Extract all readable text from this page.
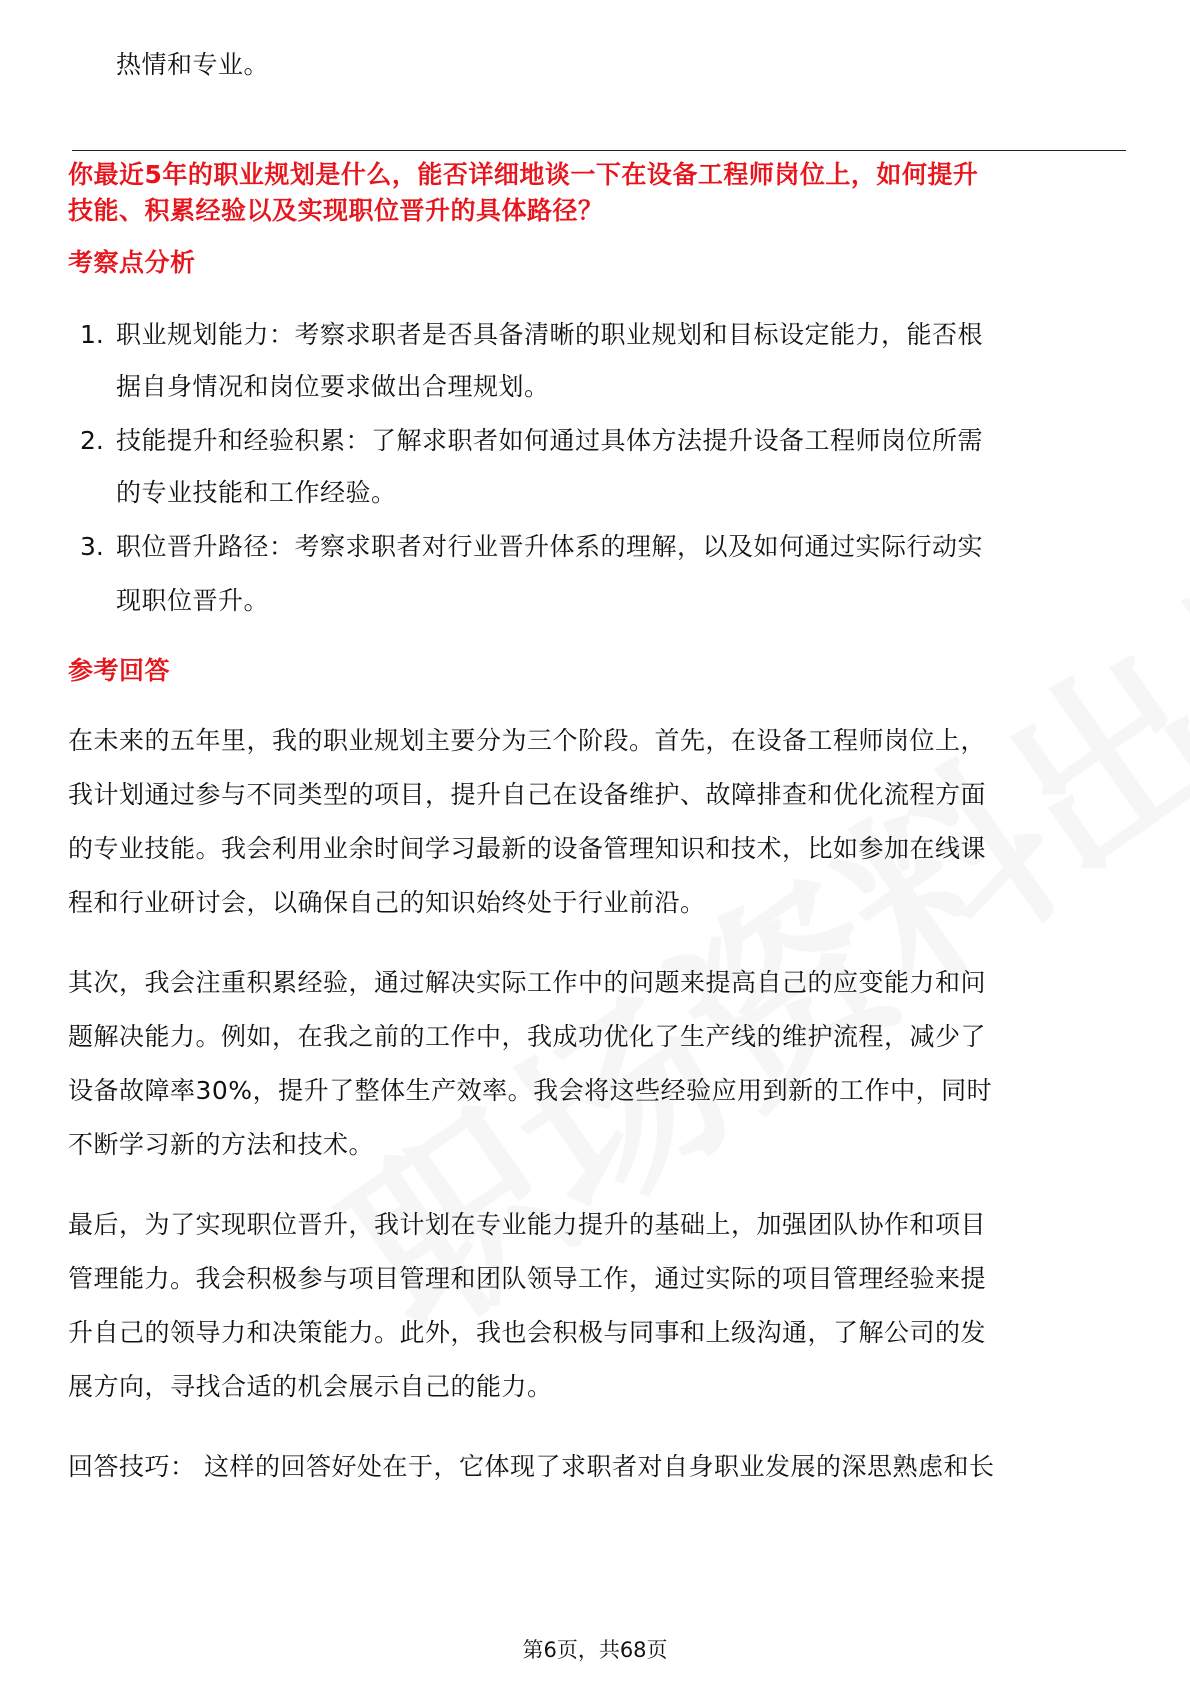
热情和专业。
你最近5年的职业规划是什么，能否详细地谈一下在设备工程师岗位上，如何提升
技能、积累经验以及实现职位晋升的具体路径？
考察点分析
1. 职业规划能力：考察求职者是否具备清晰的职业规划和目标设定能力，能否根
据自身情况和岗位要求做出合理规划。
2. 技能提升和经验积累：了解求职者如何通过具体方法提升设备工程师岗位所需
的专业技能和工作经验。
3. 职位晋升路径：考察求职者对行业晋升体系的理解，以及如何通过实际行动实
现职位晋升。
参考回答
在未来的五年里，我的职业规划主要分为三个阶段。首先，在设备工程师岗位上，
我计划通过参与不同类型的项目，提升自己在设备维护、故障排查和优化流程方面
的专业技能。我会利用业余时间学习最新的设备管理知识和技术，比如参加在线课
程和行业研讨会，以确保自己的知识始终处于行业前沿。
其次，我会注重积累经验，通过解决实际工作中的问题来提高自己的应变能力和问
题解决能力。例如，在我之前的工作中，我成功优化了生产线的维护流程，减少了
设备故障率30%，提升了整体生产效率。我会将这些经验应用到新的工作中，同时
不断学习新的方法和技术。
最后，为了实现职位晋升，我计划在专业能力提升的基础上，加强团队协作和项目
管理能力。我会积极参与项目管理和团队领导工作，通过实际的项目管理经验来提
升自己的领导力和决策能力。此外，我也会积极与同事和上级沟通，了解公司的发
展方向，寻找合适的机会展示自己的能力。
回答技巧： 这样的回答好处在于，它体现了求职者对自身职业发展的深思熟虑和长
第6页，共68页
